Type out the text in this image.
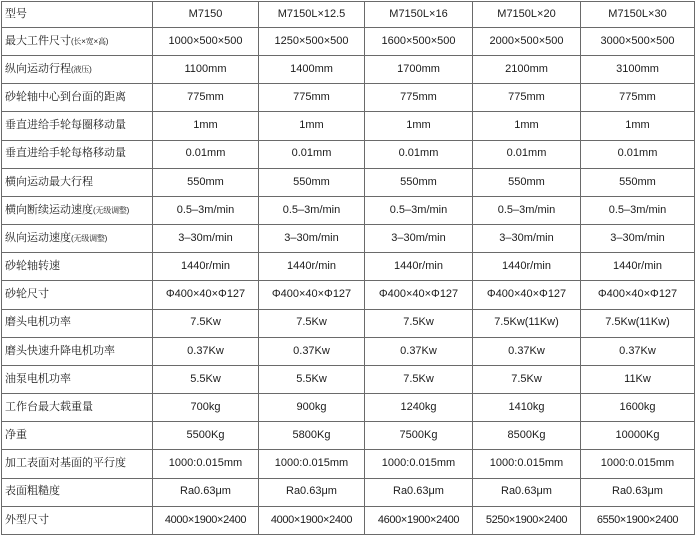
型号	M7150	M7150L×12.5	M7150L×16	M7150L×20	M7150L×30
最大工件尺寸(长×宽×高)	1000×500×500	1250×500×500	1600×500×500	2000×500×500	3000×500×500
纵向运动行程(液压)	1100mm	1400mm	1700mm	2100mm	3100mm
砂轮轴中心到台面的距离	775mm	775mm	775mm	775mm	775mm
垂直进给手轮每圈移动量	1mm	1mm	1mm	1mm	1mm
垂直进给手轮每格移动量	0.01mm	0.01mm	0.01mm	0.01mm	0.01mm
横向运动最大行程	550mm	550mm	550mm	550mm	550mm
横向断续运动速度(无级调整)	0.5–3m/min	0.5–3m/min	0.5–3m/min	0.5–3m/min	0.5–3m/min
纵向运动速度(无级调整)	3–30m/min	3–30m/min	3–30m/min	3–30m/min	3–30m/min
砂轮轴转速	1440r/min	1440r/min	1440r/min	1440r/min	1440r/min
砂轮尺寸	Φ400×40×Φ127	Φ400×40×Φ127	Φ400×40×Φ127	Φ400×40×Φ127	Φ400×40×Φ127
磨头电机功率	7.5Kw	7.5Kw	7.5Kw	7.5Kw(11Kw)	7.5Kw(11Kw)
磨头快速升降电机功率	0.37Kw	0.37Kw	0.37Kw	0.37Kw	0.37Kw
油泵电机功率	5.5Kw	5.5Kw	7.5Kw	7.5Kw	11Kw
工作台最大载重量	700kg	900kg	1240kg	1410kg	1600kg
净重	5500Kg	5800Kg	7500Kg	8500Kg	10000Kg
加工表面对基面的平行度	1000:0.015mm	1000:0.015mm	1000:0.015mm	1000:0.015mm	1000:0.015mm
表面粗糙度	Ra0.63μm	Ra0.63μm	Ra0.63μm	Ra0.63μm	Ra0.63μm
外型尺寸	4000×1900×2400	4000×1900×2400	4600×1900×2400	5250×1900×2400	6550×1900×2400
